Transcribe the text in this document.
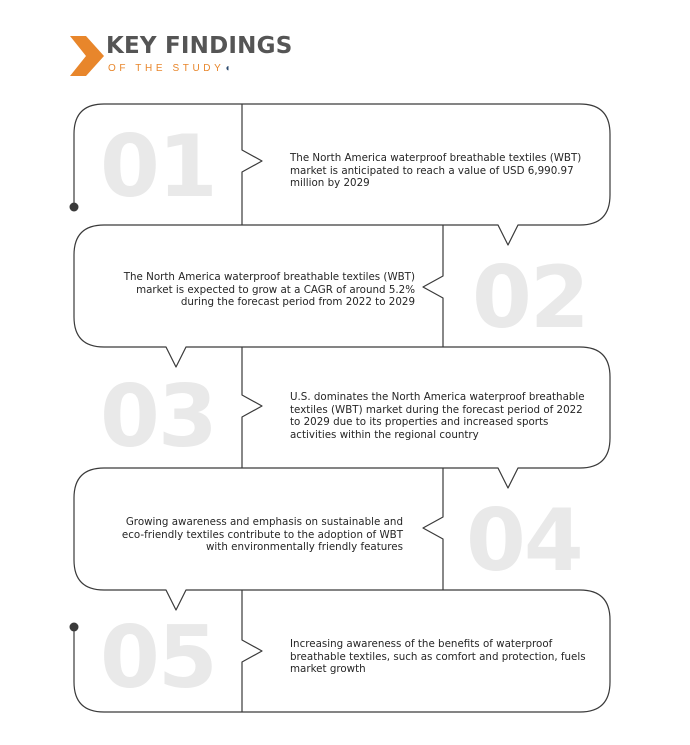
KEY FINDINGS
OF THE STUDY◖
01	The North America waterproof breathable textiles (WBT) market is anticipated to reach a value of USD 6,990.97 million by 2029
02
The North America waterproof breathable textiles (WBT) market is expected to grow at a CAGR of around 5.2% during the forecast period from 2022 to 2029
03	U.S. dominates the North America waterproof breathable textiles (WBT) market during the forecast period of 2022 to 2029 due to its properties and increased sports activities within the regional country
04
Growing awareness and emphasis on sustainable and eco-friendly textiles contribute to the adoption of WBT with environmentally friendly features
05	Increasing awareness of the benefits of waterproof breathable textiles, such as comfort and protection, fuels market growth
